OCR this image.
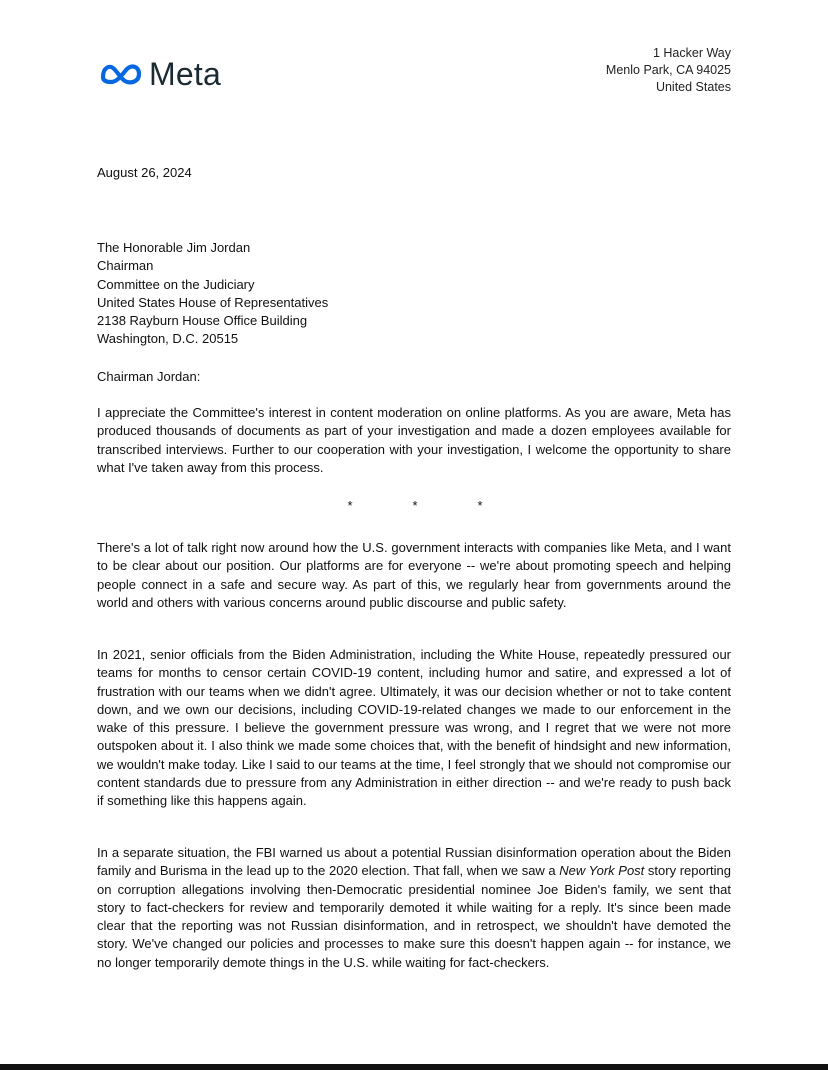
Meta
1 Hacker Way
Menlo Park, CA 94025
United States
August 26, 2024
The Honorable Jim Jordan
Chairman
Committee on the Judiciary
United States House of Representatives
2138 Rayburn House Office Building
Washington, D.C. 20515
Chairman Jordan:

I appreciate the Committee's interest in content moderation on online platforms. As you are aware, Meta has produced thousands of documents as part of your investigation and made a dozen employees available for transcribed interviews. Further to our cooperation with your investigation, I welcome the opportunity to share what I've taken away from this process.

*	*	*

There's a lot of talk right now around how the U.S. government interacts with companies like Meta, and I want to be clear about our position. Our platforms are for everyone -- we're about promoting speech and helping people connect in a safe and secure way. As part of this, we regularly hear from governments around the world and others with various concerns around public discourse and public safety.

In 2021, senior officials from the Biden Administration, including the White House, repeatedly pressured our teams for months to censor certain COVID-19 content, including humor and satire, and expressed a lot of frustration with our teams when we didn't agree. Ultimately, it was our decision whether or not to take content down, and we own our decisions, including COVID-19-related changes we made to our enforcement in the wake of this pressure. I believe the government pressure was wrong, and I regret that we were not more outspoken about it. I also think we made some choices that, with the benefit of hindsight and new information, we wouldn't make today. Like I said to our teams at the time, I feel strongly that we should not compromise our content standards due to pressure from any Administration in either direction -- and we're ready to push back if something like this happens again.

In a separate situation, the FBI warned us about a potential Russian disinformation operation about the Biden family and Burisma in the lead up to the 2020 election. That fall, when we saw a New York Post story reporting on corruption allegations involving then-Democratic presidential nominee Joe Biden's family, we sent that story to fact-checkers for review and temporarily demoted it while waiting for a reply. It's since been made clear that the reporting was not Russian disinformation, and in retrospect, we shouldn't have demoted the story. We've changed our policies and processes to make sure this doesn't happen again -- for instance, we no longer temporarily demote things in the U.S. while waiting for fact-checkers.
